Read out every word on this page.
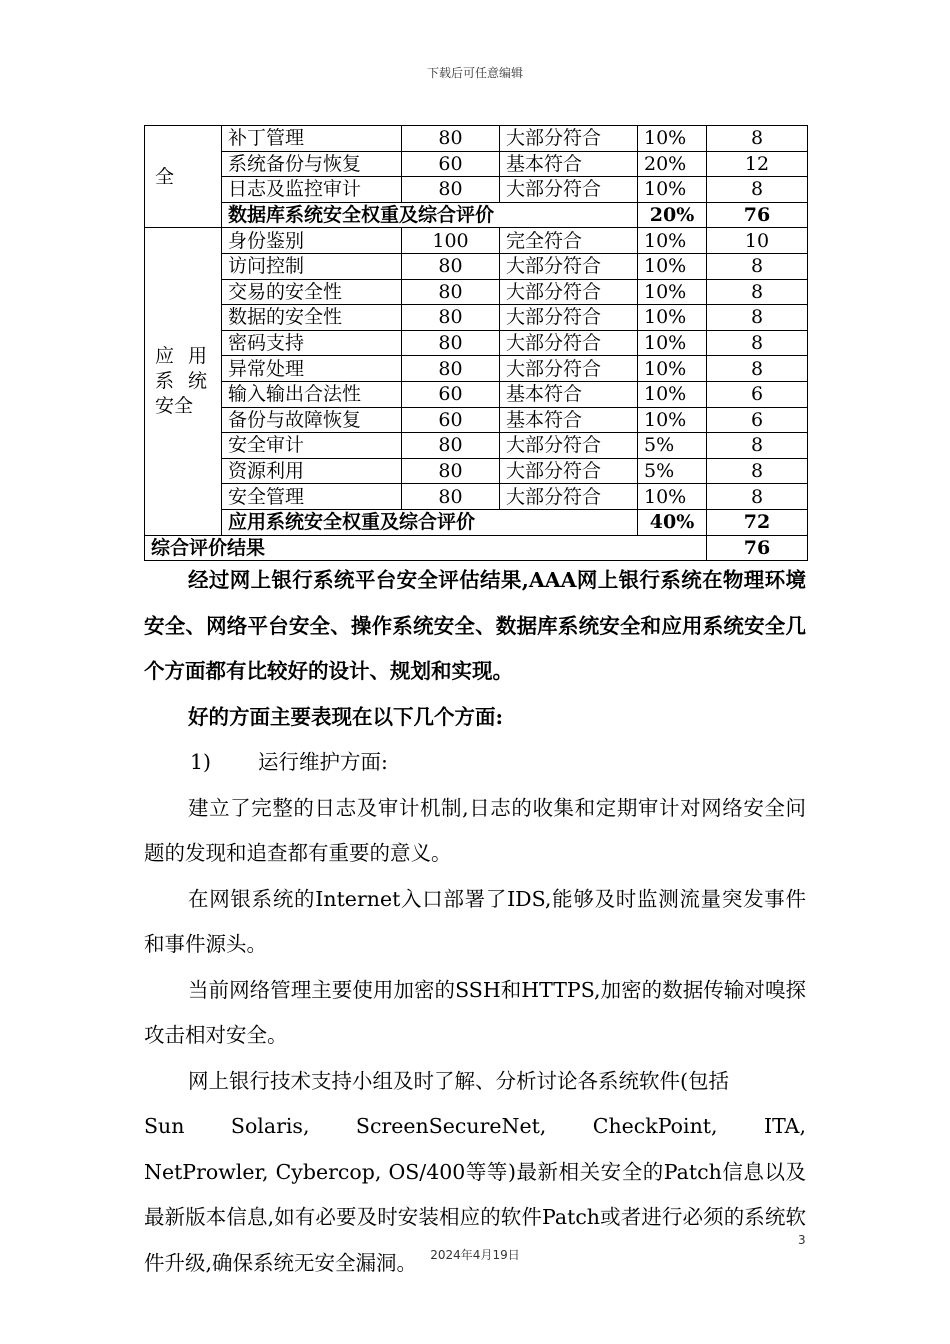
下载后可任意编辑
全	补丁管理	80	大部分符合	10%	8
	系统备份与恢复	60	基本符合	20%	12
	日志及监控审计	80	大部分符合	10%	8
	数据库系统安全权重及综合评价			20%	76

应 用
系 统
安全	身份鉴别	100	完全符合	10%	10
	访问控制	80	大部分符合	10%	8
	交易的安全性	80	大部分符合	10%	8
	数据的安全性	80	大部分符合	10%	8
	密码支持	80	大部分符合	10%	8
	异常处理	80	大部分符合	10%	8
	输入输出合法性	60	基本符合	10%	6
	备份与故障恢复	60	基本符合	10%	6
	安全审计	80	大部分符合	5%	8
	资源利用	80	大部分符合	5%	8
	安全管理	80	大部分符合	10%	8
	应用系统安全权重及综合评价			40%	72
综合评价结果					76

经过网上银行系统平台安全评估结果,AAA网上银行系统在物理环境安全、网络平台安全、操作系统安全、数据库系统安全和应用系统安全几个方面都有比较好的设计、规划和实现。

好的方面主要表现在以下几个方面:

1)	运行维护方面:

建立了完整的日志及审计机制,日志的收集和定期审计对网络安全问题的发现和追查都有重要的意义。

在网银系统的Internet入口部署了IDS,能够及时监测流量突发事件和事件源头。

当前网络管理主要使用加密的SSH和HTTPS,加密的数据传输对嗅探攻击相对安全。

网上银行技术支持小组及时了解、分析讨论各系统软件(包括

Sun Solaris, ScreenSecureNet, CheckPoint, ITA,

NetProwler, Cybercop, OS/400等等)最新相关安全的Patch信息以及最新版本信息,如有必要及时安装相应的软件Patch或者进行必须的系统软件升级,确保系统无安全漏洞。

3
2024年4月19日
